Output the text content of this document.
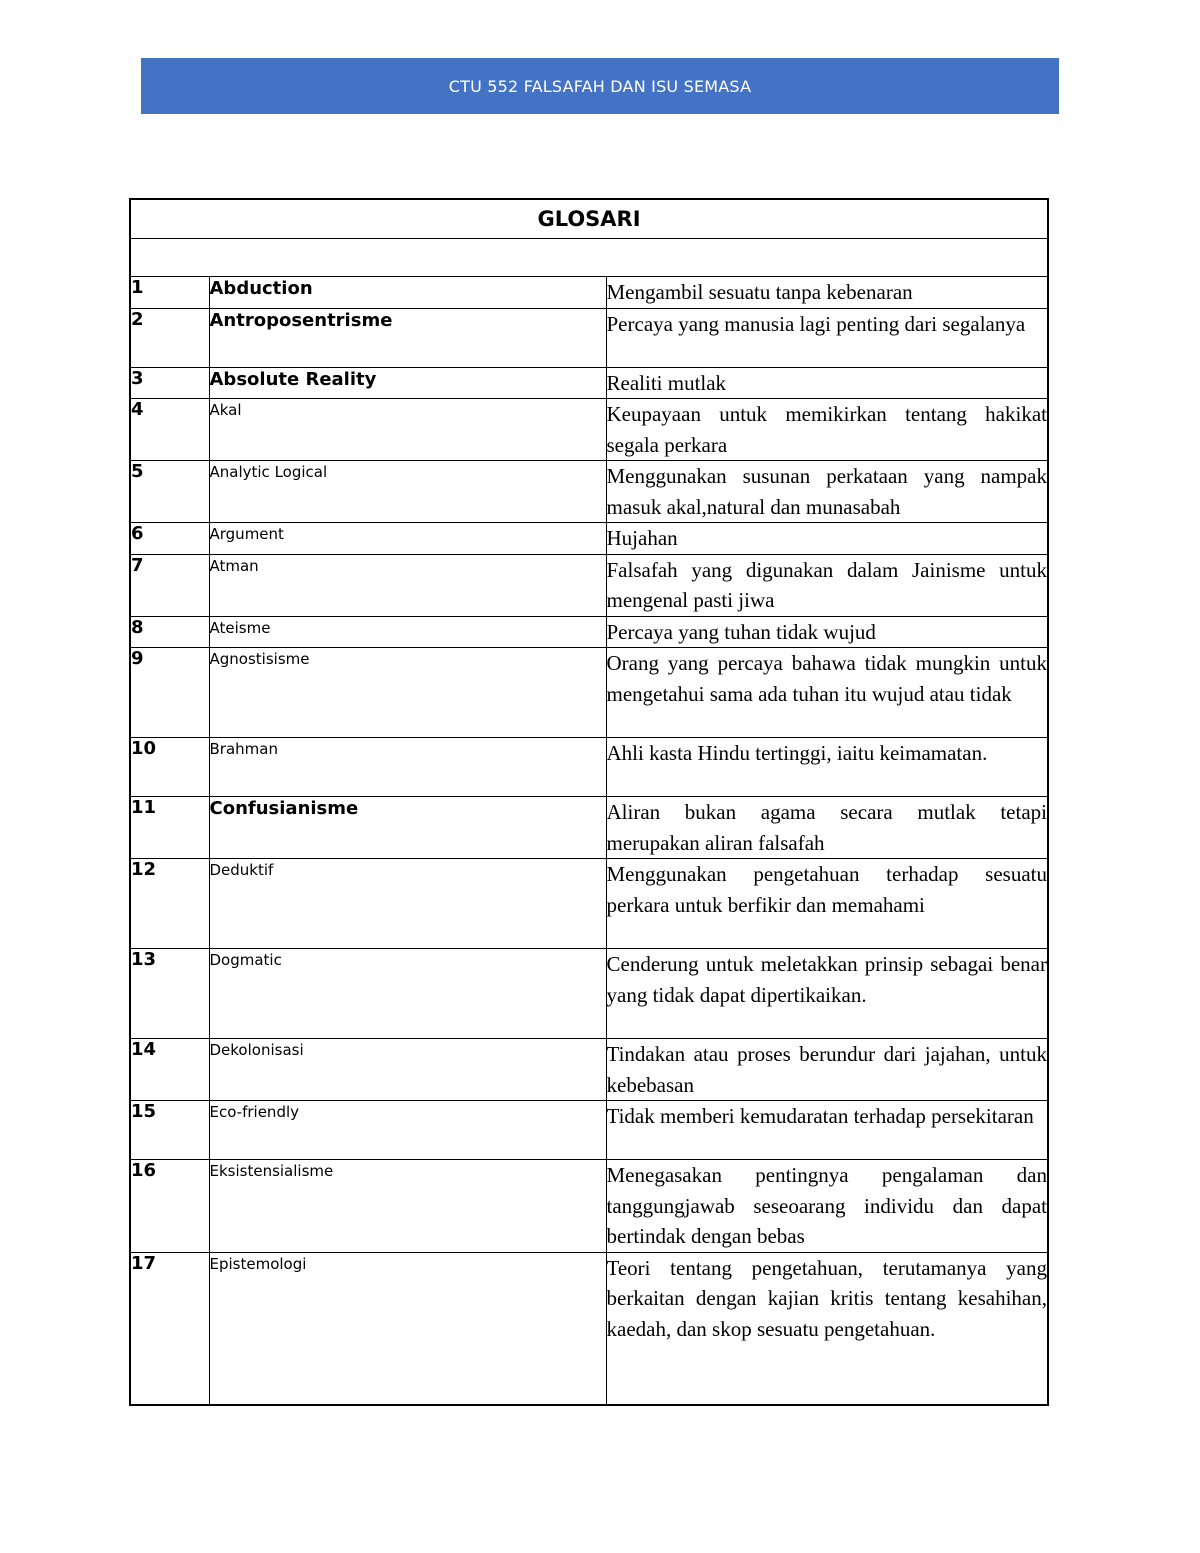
CTU 552 FALSAFAH DAN ISU SEMASA
GLOSARI		

1	Abduction	Mengambil sesuatu tanpa kebenaran
2	Antroposentrisme	Percaya yang manusia lagi penting dari segalanya
3	Absolute Reality	Realiti mutlak
4	Akal	Keupayaan untuk memikirkan tentang hakikat segala perkara
5	Analytic Logical	Menggunakan susunan perkataan yang nampak masuk akal,natural dan munasabah
6	Argument	Hujahan
7	Atman	Falsafah yang digunakan dalam Jainisme untuk mengenal pasti jiwa
8	Ateisme	Percaya yang tuhan tidak wujud
9	Agnostisisme	Orang yang percaya bahawa tidak mungkin untuk mengetahui sama ada tuhan itu wujud atau tidak
10	Brahman	Ahli kasta Hindu tertinggi, iaitu keimamatan.
11	Confusianisme	Aliran bukan agama secara mutlak tetapi merupakan aliran falsafah
12	Deduktif	Menggunakan pengetahuan terhadap sesuatu perkara untuk berfikir dan memahami
13	Dogmatic	Cenderung untuk meletakkan prinsip sebagai benar yang tidak dapat dipertikaikan.
14	Dekolonisasi	Tindakan atau proses berundur dari jajahan, untuk kebebasan
15	Eco-friendly	Tidak memberi kemudaratan terhadap persekitaran
16	Eksistensialisme	Menegasakan pentingnya pengalaman dan tanggungjawab seseoarang individu dan dapat bertindak dengan bebas
17	Epistemologi	Teori tentang pengetahuan, terutamanya yang berkaitan dengan kajian kritis tentang kesahihan, kaedah, dan skop sesuatu pengetahuan.
